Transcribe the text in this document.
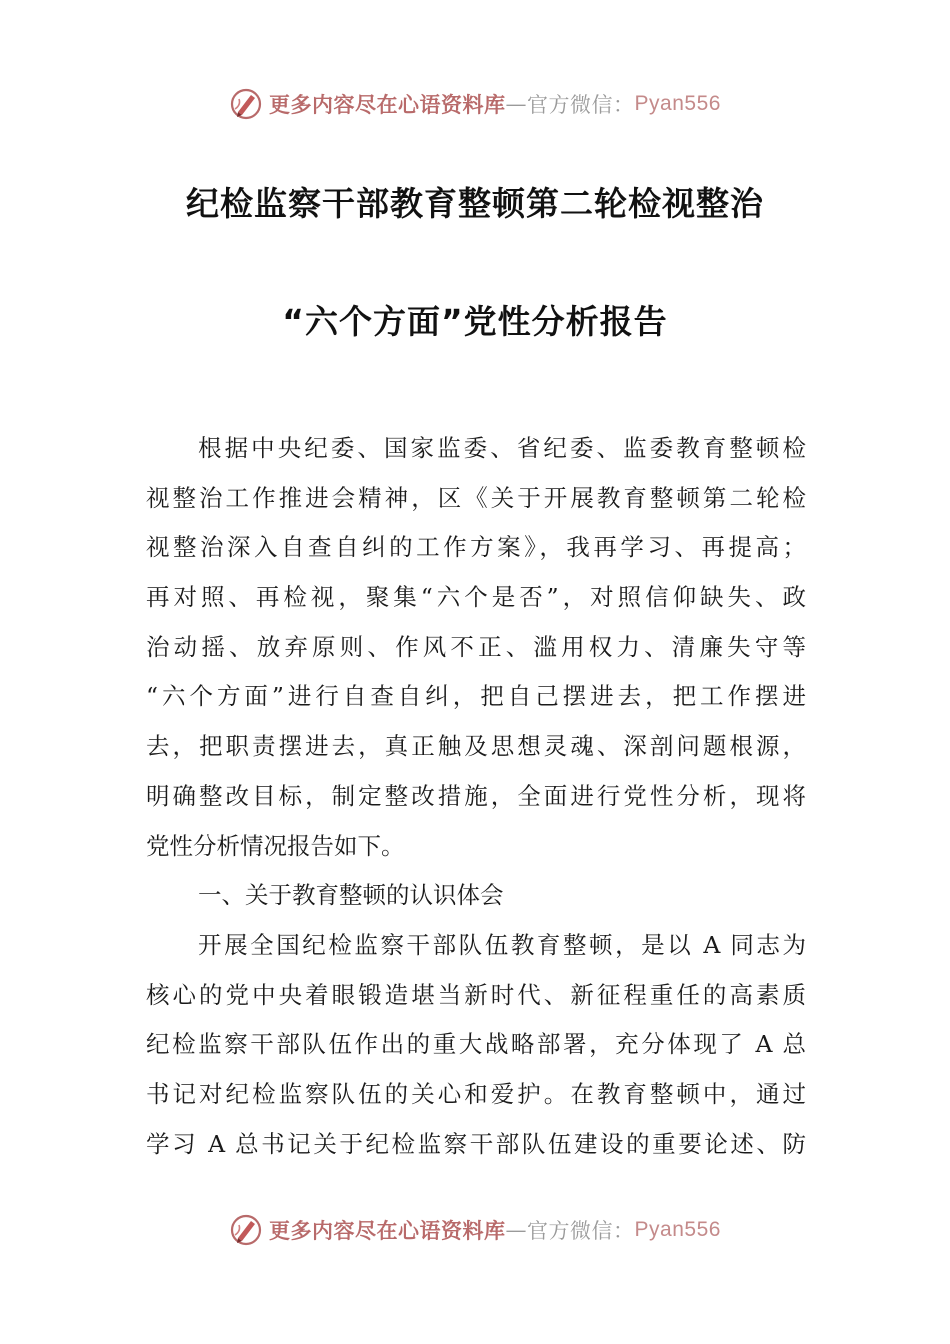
更多内容尽在心语资料库 — 官方微信： Pyan556
纪检监察干部教育整顿第二轮检视整治
“六个方面”党性分析报告
根据中央纪委、国家监委、省纪委、监委教育整顿检
视整治工作推进会精神，区《关于开展教育整顿第二轮检
视整治深入自查自纠的工作方案》，我再学习、再提高；
再对照、再检视，聚集“六个是否”，对照信仰缺失、政
治动摇、放弃原则、作风不正、滥用权力、清廉失守等
“六个方面”进行自查自纠，把自己摆进去，把工作摆进
去，把职责摆进去，真正触及思想灵魂、深剖问题根源，
明确整改目标，制定整改措施，全面进行党性分析，现将
党性分析情况报告如下。
一、关于教育整顿的认识体会
开展全国纪检监察干部队伍教育整顿，是以 A 同志为
核心的党中央着眼锻造堪当新时代、新征程重任的高素质
纪检监察干部队伍作出的重大战略部署，充分体现了 A 总
书记对纪检监察队伍的关心和爱护。在教育整顿中，通过
学习 A 总书记关于纪检监察干部队伍建设的重要论述、防
更多内容尽在心语资料库 — 官方微信： Pyan556
